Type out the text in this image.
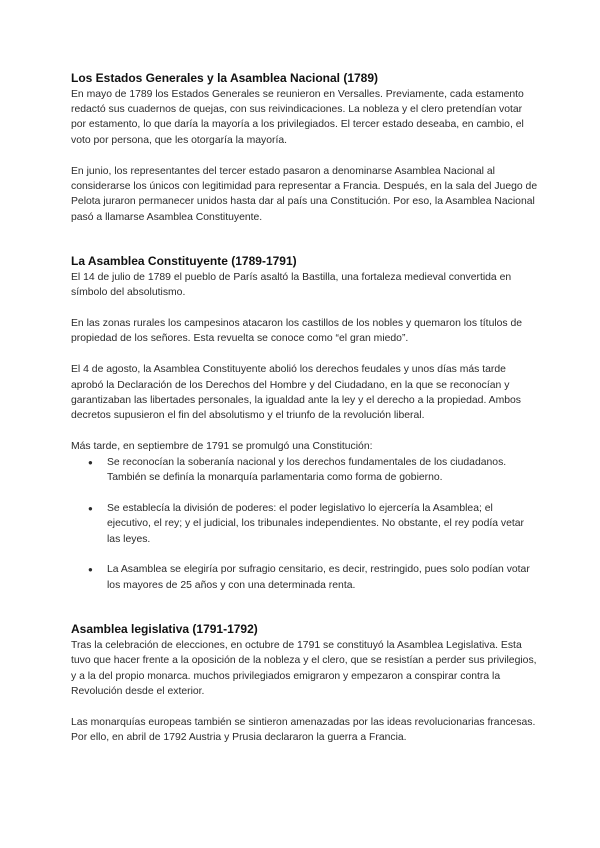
Los Estados Generales y la Asamblea Nacional (1789)

En mayo de 1789 los Estados Generales se reunieron en Versalles. Previamente, cada estamento redactó sus cuadernos de quejas, con sus reivindicaciones. La nobleza y el clero pretendían votar por estamento, lo que daría la mayoría a los privilegiados. El tercer estado deseaba, en cambio, el voto por persona, que les otorgaría la mayoría.

En junio, los representantes del tercer estado pasaron a denominarse Asamblea Nacional al considerarse los únicos con legitimidad para representar a Francia. Después, en la sala del Juego de Pelota juraron permanecer unidos hasta dar al país una Constitución. Por eso, la Asamblea Nacional pasó a llamarse Asamblea Constituyente.

La Asamblea Constituyente (1789-1791)

El 14 de julio de 1789 el pueblo de París asaltó la Bastilla, una fortaleza medieval convertida en símbolo del absolutismo.

En las zonas rurales los campesinos atacaron los castillos de los nobles y quemaron los títulos de propiedad de los señores. Esta revuelta se conoce como “el gran miedo”.

El 4 de agosto, la Asamblea Constituyente abolió los derechos feudales y unos días más tarde aprobó la Declaración de los Derechos del Hombre y del Ciudadano, en la que se reconocían y garantizaban las libertades personales, la igualdad ante la ley y el derecho a la propiedad. Ambos decretos supusieron el fin del absolutismo y el triunfo de la revolución liberal.

Más tarde, en septiembre de 1791 se promulgó una Constitución:

● Se reconocían la soberanía nacional y los derechos fundamentales de los ciudadanos. También se definía la monarquía parlamentaria como forma de gobierno.
● Se establecía la división de poderes: el poder legislativo lo ejercería la Asamblea; el ejecutivo, el rey; y el judicial, los tribunales independientes. No obstante, el rey podía vetar las leyes.
● La Asamblea se elegiría por sufragio censitario, es decir, restringido, pues solo podían votar los mayores de 25 años y con una determinada renta.
Asamblea legislativa (1791-1792)

Tras la celebración de elecciones, en octubre de 1791 se constituyó la Asamblea Legislativa. Esta tuvo que hacer frente a la oposición de la nobleza y el clero, que se resistían a perder sus privilegios, y a la del propio monarca. muchos privilegiados emigraron y empezaron a conspirar contra la Revolución desde el exterior.

Las monarquías europeas también se sintieron amenazadas por las ideas revolucionarias francesas. Por ello, en abril de 1792 Austria y Prusia declararon la guerra a Francia.
